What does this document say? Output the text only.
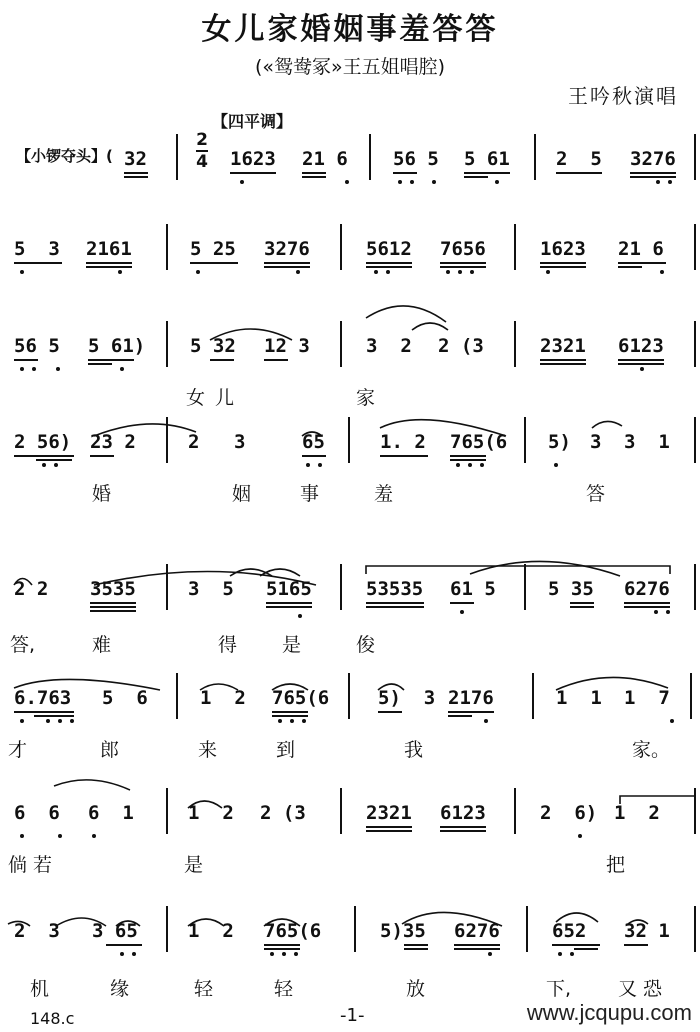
女儿家婚姻事羞答答
(«鸳鸯冢»王五姐唱腔)
王吟秋演唱
【四平调】
【小锣夺头】(
2
4
32	1623 21 6 56 5 5 61 2  5 3276
5  3 2161	5 25 3276	5612 7656	1623 21 6
56 5 5 61) 5 32 12 3	3  2 2 (3	2321 6123
女儿	家
2 56) 23 2	2 3	65	1. 2 765(6 5) 3 3  1
婚	姻	事	羞	答
2 2 3535	3  5 5165	53535 61 5	5 35 6276
答,	难	得 是	俊
6.763 5  6	1  2 765(6	5)  3 2176	1  1 1  7
才	郎	来	到	我	家。
6  6 6  1	1  2 2 (3	2321 6123	2  6) 1  2
倘若	是	把
2  3 3 65	1  2 765(6	5)35 6276	652 32 1
机	缘	轻	轻	放	下, 又恐
148.c	-1-	www.jcqupu.com
